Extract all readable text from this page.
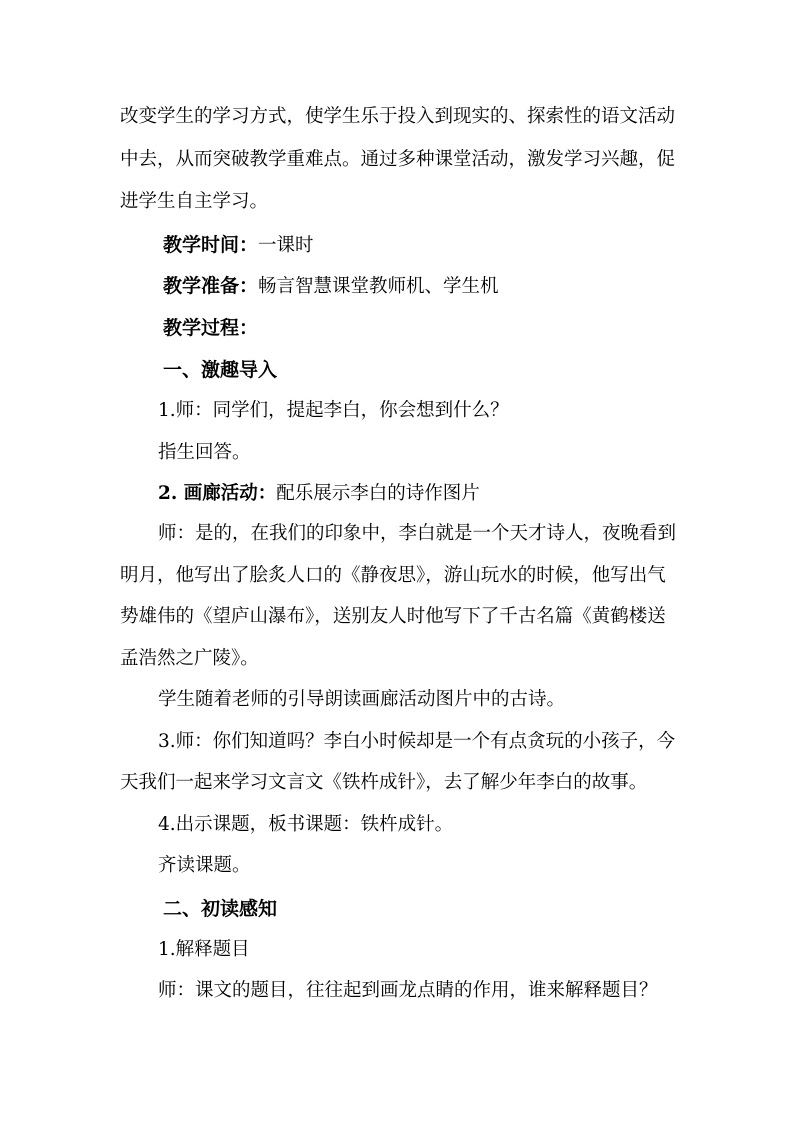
改变学生的学习方式，使学生乐于投入到现实的、探索性的语文活动
中去，从而突破教学重难点。通过多种课堂活动，激发学习兴趣，促
进学生自主学习。
教学时间：一课时
教学准备：畅言智慧课堂教师机、学生机
教学过程：
一、激趣导入
1.师：同学们，提起李白，你会想到什么？
指生回答。
2. 画廊活动：配乐展示李白的诗作图片
师：是的，在我们的印象中，李白就是一个天才诗人，夜晚看到
明月，他写出了脍炙人口的《静夜思》，游山玩水的时候，他写出气
势雄伟的《望庐山瀑布》，送别友人时他写下了千古名篇《黄鹤楼送
孟浩然之广陵》。
学生随着老师的引导朗读画廊活动图片中的古诗。
3.师：你们知道吗？李白小时候却是一个有点贪玩的小孩子，今
天我们一起来学习文言文《铁杵成针》，去了解少年李白的故事。
4.出示课题，板书课题：铁杵成针。
齐读课题。
二、初读感知
1.解释题目
师：课文的题目，往往起到画龙点睛的作用，谁来解释题目？
